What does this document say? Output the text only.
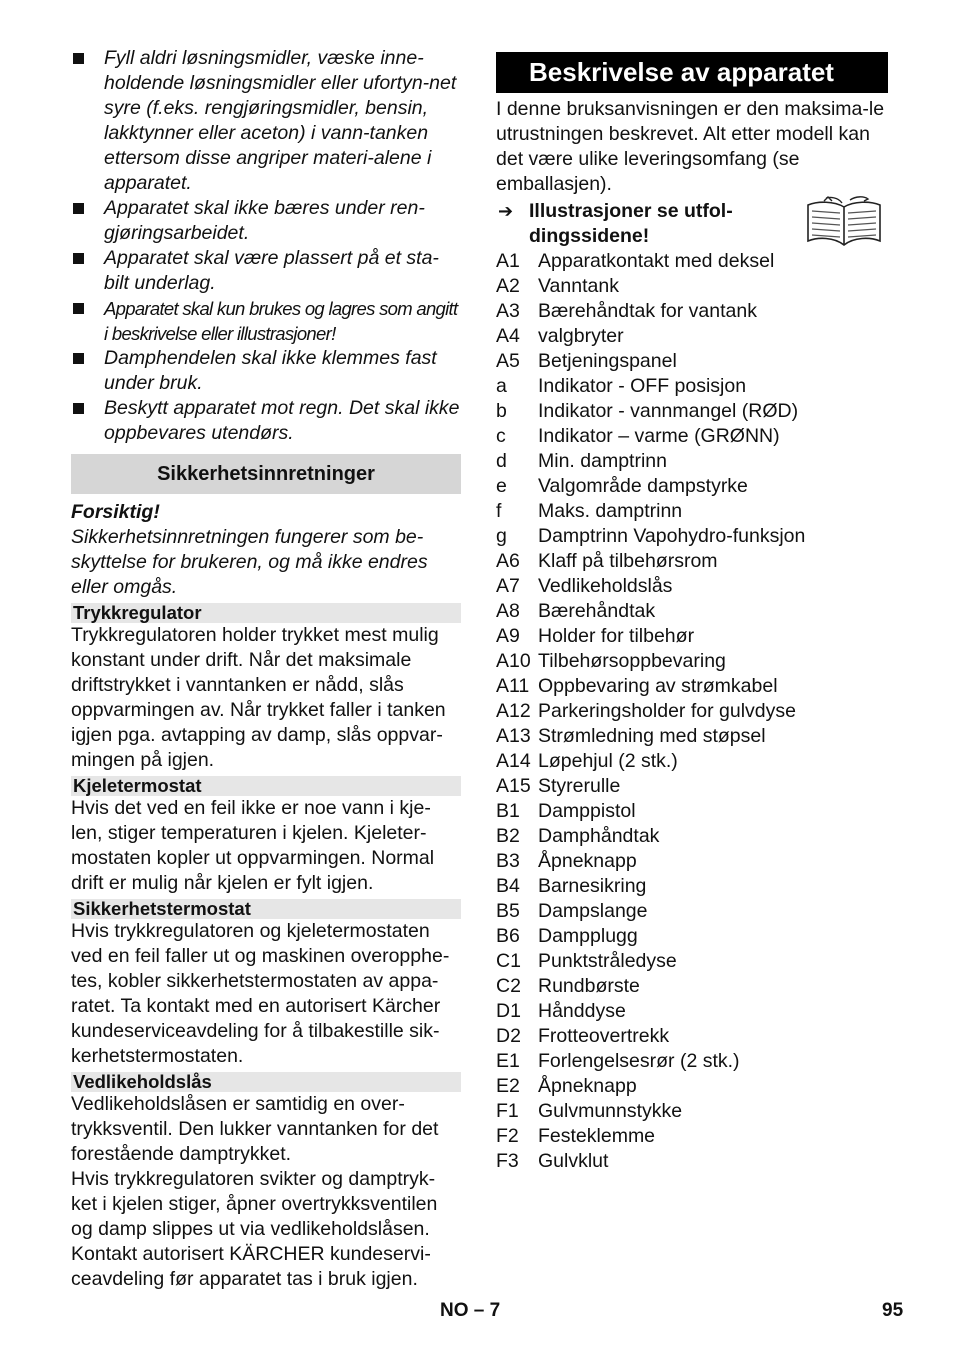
Fyll aldri løsningsmidler, væske inne-holdende løsningsmidler eller ufortyn-net syre (f.eks. rengjøringsmidler, bensin, lakktynner eller aceton) i vann-tanken ettersom disse angriper materi-alene i apparatet.
Apparatet skal ikke bæres under ren-gjøringsarbeidet.
Apparatet skal være plassert på et sta-bilt underlag.
Apparatet skal kun brukes og lagres som angitt i beskrivelse eller illustrasjoner!
Damphendelen skal ikke klemmes fast under bruk.
Beskytt apparatet mot regn. Det skal ikke oppbevares utendørs.
Sikkerhetsinnretninger
Forsiktig!
Sikkerhetsinnretningen fungerer som be-skyttelse for brukeren, og må ikke endres eller omgås.
Trykkregulator

Trykkregulatoren holder trykket mest mulig konstant under drift. Når det maksimale driftstrykket i vanntanken er nådd, slås oppvarmingen av. Når trykket faller i tanken igjen pga. avtapping av damp, slås oppvar-mingen på igjen.

Kjeletermostat

Hvis det ved en feil ikke er noe vann i kje-len, stiger temperaturen i kjelen. Kjeleter-mostaten kopler ut oppvarmingen. Normal drift er mulig når kjelen er fylt igjen.

Sikkerhetstermostat

Hvis trykkregulatoren og kjeletermostaten ved en feil faller ut og maskinen overopphe-tes, kobler sikkerhetstermostaten av appa-ratet. Ta kontakt med en autorisert Kärcher kundeserviceavdeling for å tilbakestille sik-kerhetstermostaten.

Vedlikeholdslås

Vedlikeholdslåsen er samtidig en over-trykksventil. Den lukker vanntanken for det forestående damptrykket.

Hvis trykkregulatoren svikter og damptryk-ket i kjelen stiger, åpner overtrykksventilen og damp slippes ut via vedlikeholdslåsen. Kontakt autorisert KÄRCHER kundeservi-ceavdeling før apparatet tas i bruk igjen.

Beskrivelse av apparatet

I denne bruksanvisningen er den maksima-le utrustningen beskrevet. Alt etter modell kan det være ulike leveringsomfang (se emballasjen).

➔ Illustrasjoner se utfol-dingssidene!
A1 Apparatkontakt med deksel
A2 Vanntank
A3 Bærehåndtak for vantank
A4 valgbryter
A5 Betjeningspanel
a	Indikator - OFF posisjon
b	Indikator - vannmangel (RØD)
c	Indikator – varme (GRØNN)
d	Min. damptrinn
e	Valgområde dampstyrke
f	Maks. damptrinn
g	Damptrinn Vapohydro-funksjon
A6 Klaff på tilbehørsrom
A7 Vedlikeholdslås
A8 Bærehåndtak
A9 Holder for tilbehør
A10 Tilbehørsoppbevaring
A11 Oppbevaring av strømkabel
A12 Parkeringsholder for gulvdyse
A13 Strømledning med støpsel
A14 Løpehjul (2 stk.)
A15 Styrerulle
B1 Damppistol
B2 Damphåndtak
B3 Åpneknapp
B4 Barnesikring
B5 Dampslange
B6 Dampplugg
C1 Punktstråledyse
C2 Rundbørste
D1 Hånddyse
D2 Frotteovertrekk
E1 Forlengelsesrør (2 stk.)
E2 Åpneknapp
F1 Gulvmunnstykke
F2 Festeklemme
F3 Gulvklut
NO – 7	95
